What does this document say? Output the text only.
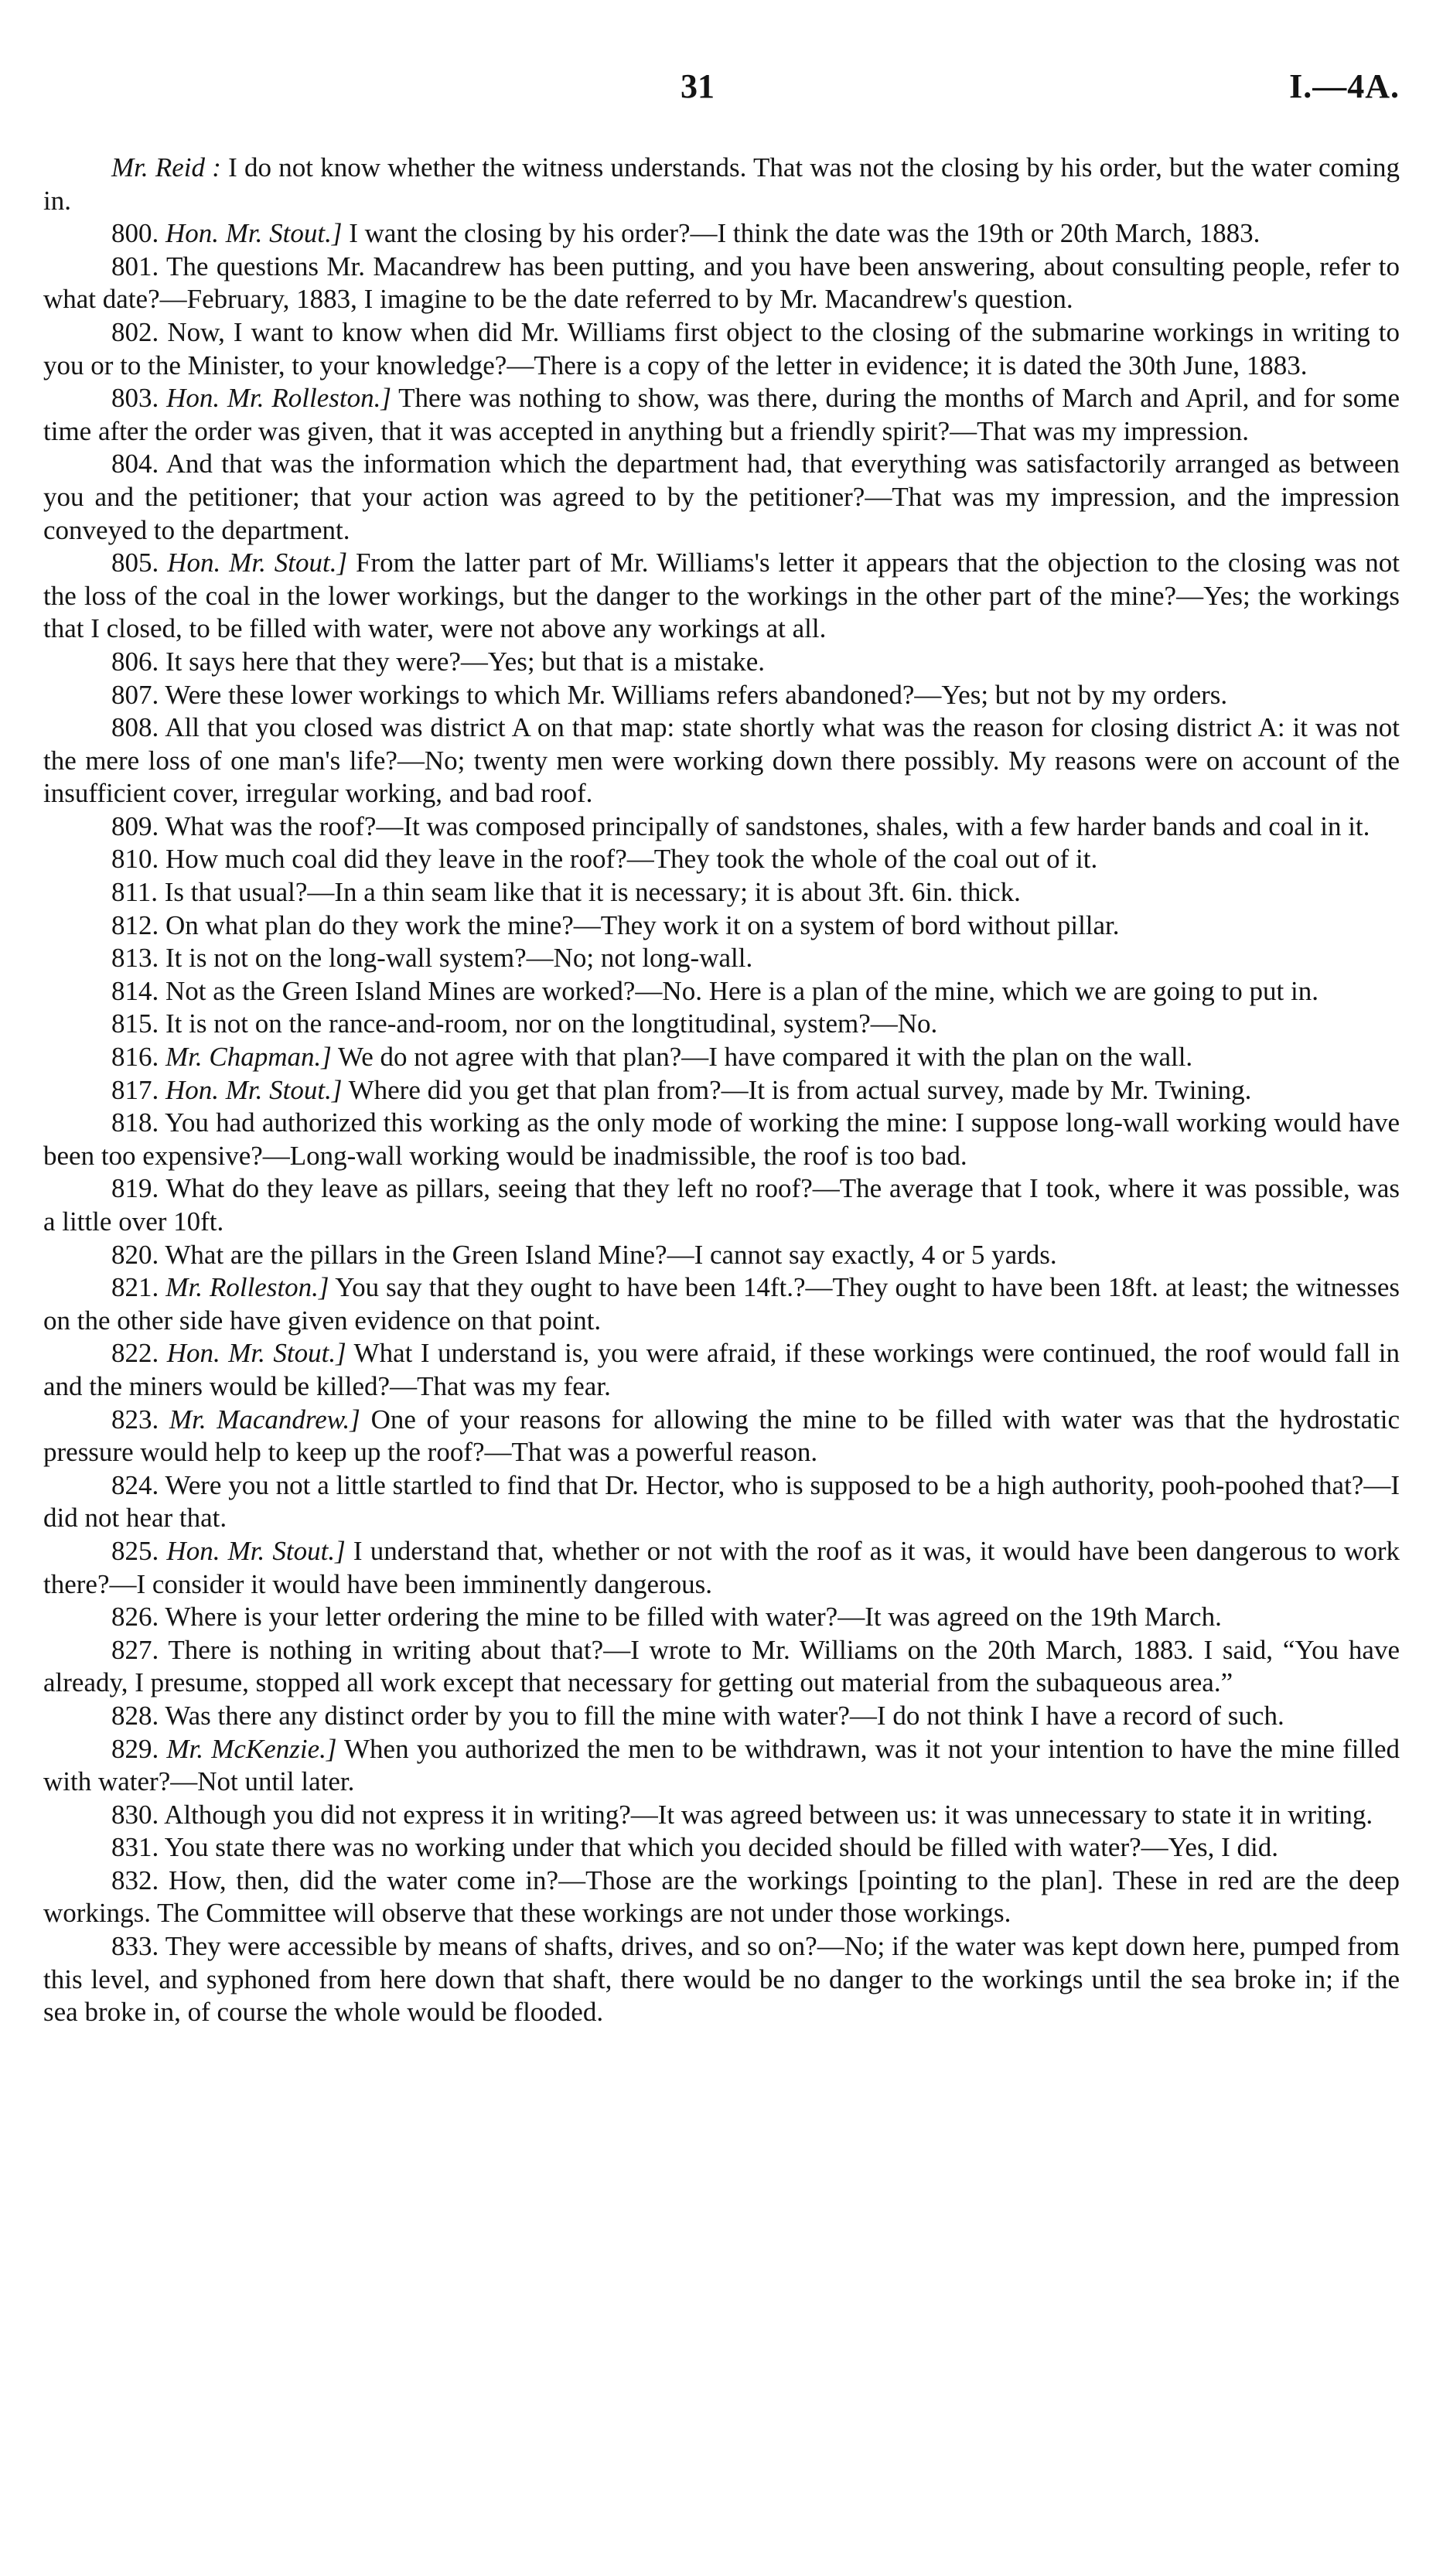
31	I.—4A.

Mr. Reid : I do not know whether the witness understands. That was not the closing by his order, but the water coming in.

800. Hon. Mr. Stout.] I want the closing by his order?—I think the date was the 19th or 20th March, 1883.

801. The questions Mr. Macandrew has been putting, and you have been answering, about consulting people, refer to what date?—February, 1883, I imagine to be the date referred to by Mr. Macandrew's question.

802. Now, I want to know when did Mr. Williams first object to the closing of the submarine workings in writing to you or to the Minister, to your knowledge?—There is a copy of the letter in evidence; it is dated the 30th June, 1883.

803. Hon. Mr. Rolleston.] There was nothing to show, was there, during the months of March and April, and for some time after the order was given, that it was accepted in anything but a friendly spirit?—That was my impression.

804. And that was the information which the department had, that everything was satisfactorily arranged as between you and the petitioner; that your action was agreed to by the petitioner?—That was my impression, and the impression conveyed to the department.

805. Hon. Mr. Stout.] From the latter part of Mr. Williams's letter it appears that the objection to the closing was not the loss of the coal in the lower workings, but the danger to the workings in the other part of the mine?—Yes; the workings that I closed, to be filled with water, were not above any workings at all.

806. It says here that they were?—Yes; but that is a mistake.

807. Were these lower workings to which Mr. Williams refers abandoned?—Yes; but not by my orders.

808. All that you closed was district A on that map: state shortly what was the reason for closing district A: it was not the mere loss of one man's life?—No; twenty men were working down there possibly. My reasons were on account of the insufficient cover, irregular working, and bad roof.

809. What was the roof?—It was composed principally of sandstones, shales, with a few harder bands and coal in it.

810. How much coal did they leave in the roof?—They took the whole of the coal out of it.

811. Is that usual?—In a thin seam like that it is necessary; it is about 3ft. 6in. thick.

812. On what plan do they work the mine?—They work it on a system of bord without pillar.

813. It is not on the long-wall system?—No; not long-wall.

814. Not as the Green Island Mines are worked?—No. Here is a plan of the mine, which we are going to put in.

815. It is not on the rance-and-room, nor on the longtitudinal, system?—No.

816. Mr. Chapman.] We do not agree with that plan?—I have compared it with the plan on the wall.

817. Hon. Mr. Stout.] Where did you get that plan from?—It is from actual survey, made by Mr. Twining.

818. You had authorized this working as the only mode of working the mine: I suppose long-wall working would have been too expensive?—Long-wall working would be inadmissible, the roof is too bad.

819. What do they leave as pillars, seeing that they left no roof?—The average that I took, where it was possible, was a little over 10ft.

820. What are the pillars in the Green Island Mine?—I cannot say exactly, 4 or 5 yards.

821. Mr. Rolleston.] You say that they ought to have been 14ft.?—They ought to have been 18ft. at least; the witnesses on the other side have given evidence on that point.

822. Hon. Mr. Stout.] What I understand is, you were afraid, if these workings were continued, the roof would fall in and the miners would be killed?—That was my fear.

823. Mr. Macandrew.] One of your reasons for allowing the mine to be filled with water was that the hydrostatic pressure would help to keep up the roof?—That was a powerful reason.

824. Were you not a little startled to find that Dr. Hector, who is supposed to be a high authority, pooh-poohed that?—I did not hear that.

825. Hon. Mr. Stout.] I understand that, whether or not with the roof as it was, it would have been dangerous to work there?—I consider it would have been imminently dangerous.

826. Where is your letter ordering the mine to be filled with water?—It was agreed on the 19th March.

827. There is nothing in writing about that?—I wrote to Mr. Williams on the 20th March, 1883. I said, “You have already, I presume, stopped all work except that necessary for getting out material from the subaqueous area.”

828. Was there any distinct order by you to fill the mine with water?—I do not think I have a record of such.

829. Mr. McKenzie.] When you authorized the men to be withdrawn, was it not your intention to have the mine filled with water?—Not until later.

830. Although you did not express it in writing?—It was agreed between us: it was unnecessary to state it in writing.

831. You state there was no working under that which you decided should be filled with water?—Yes, I did.

832. How, then, did the water come in?—Those are the workings [pointing to the plan]. These in red are the deep workings. The Committee will observe that these workings are not under those workings.

833. They were accessible by means of shafts, drives, and so on?—No; if the water was kept down here, pumped from this level, and syphoned from here down that shaft, there would be no danger to the workings until the sea broke in; if the sea broke in, of course the whole would be flooded.
